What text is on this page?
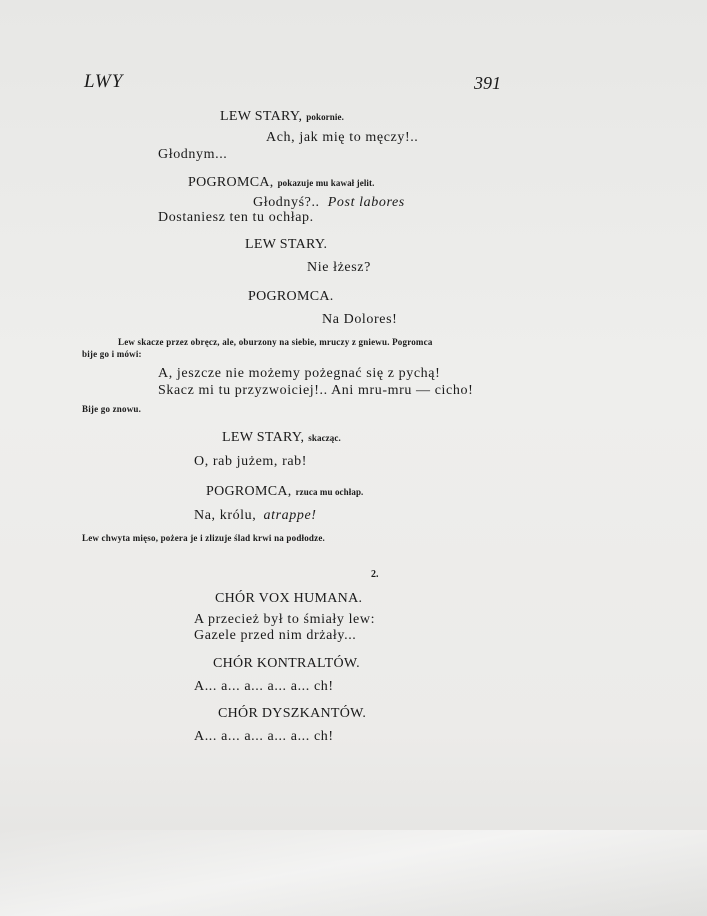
LWY	391
LEW STARY, pokornie.
Ach, jak mię to męczy!..
Głodnym...
POGROMCA, pokazuje mu kawał jelit.
Głodnyś?.. Post labores
Dostaniesz ten tu ochłap.
LEW STARY.
Nie łżesz?
POGROMCA.
Na Dolores!
Lew skacze przez obręcz, ale, oburzony na siebie, mruczy z gniewu. Pogromca
bije go i mówi:
A, jeszcze nie możemy pożegnać się z pychą!
Skacz mi tu przyzwoiciej!.. Ani mru-mru — cicho!
Bije go znowu.
LEW STARY, skacząc.
O, rab jużem, rab!
POGROMCA, rzuca mu ochłap.
Na, królu, atrappe!
Lew chwyta mięso, pożera je i zlizuje ślad krwi na podłodze.
2.
CHÓR VOX HUMANA.
A przecież był to śmiały lew:
Gazele przed nim drżały...
CHÓR KONTRALTÓW.
A... a... a... a... a... ch!
CHÓR DYSZKANTÓW.
A... a... a... a... a... ch!
